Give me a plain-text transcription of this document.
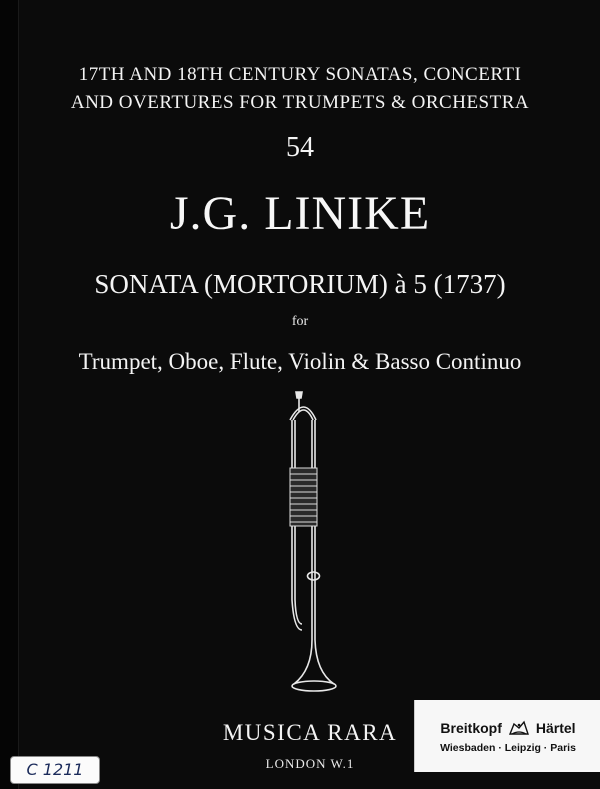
17TH AND 18TH CENTURY SONATAS, CONCERTI
AND OVERTURES FOR TRUMPETS & ORCHESTRA
54
J.G. LINIKE
SONATA (MORTORIUM) à 5 (1737)
for
Trumpet, Oboe, Flute, Violin & Basso Continuo
MUSICA RARA
LONDON W.1
Breitkopf Härtel
Wiesbaden · Leipzig · Paris
C 1211
